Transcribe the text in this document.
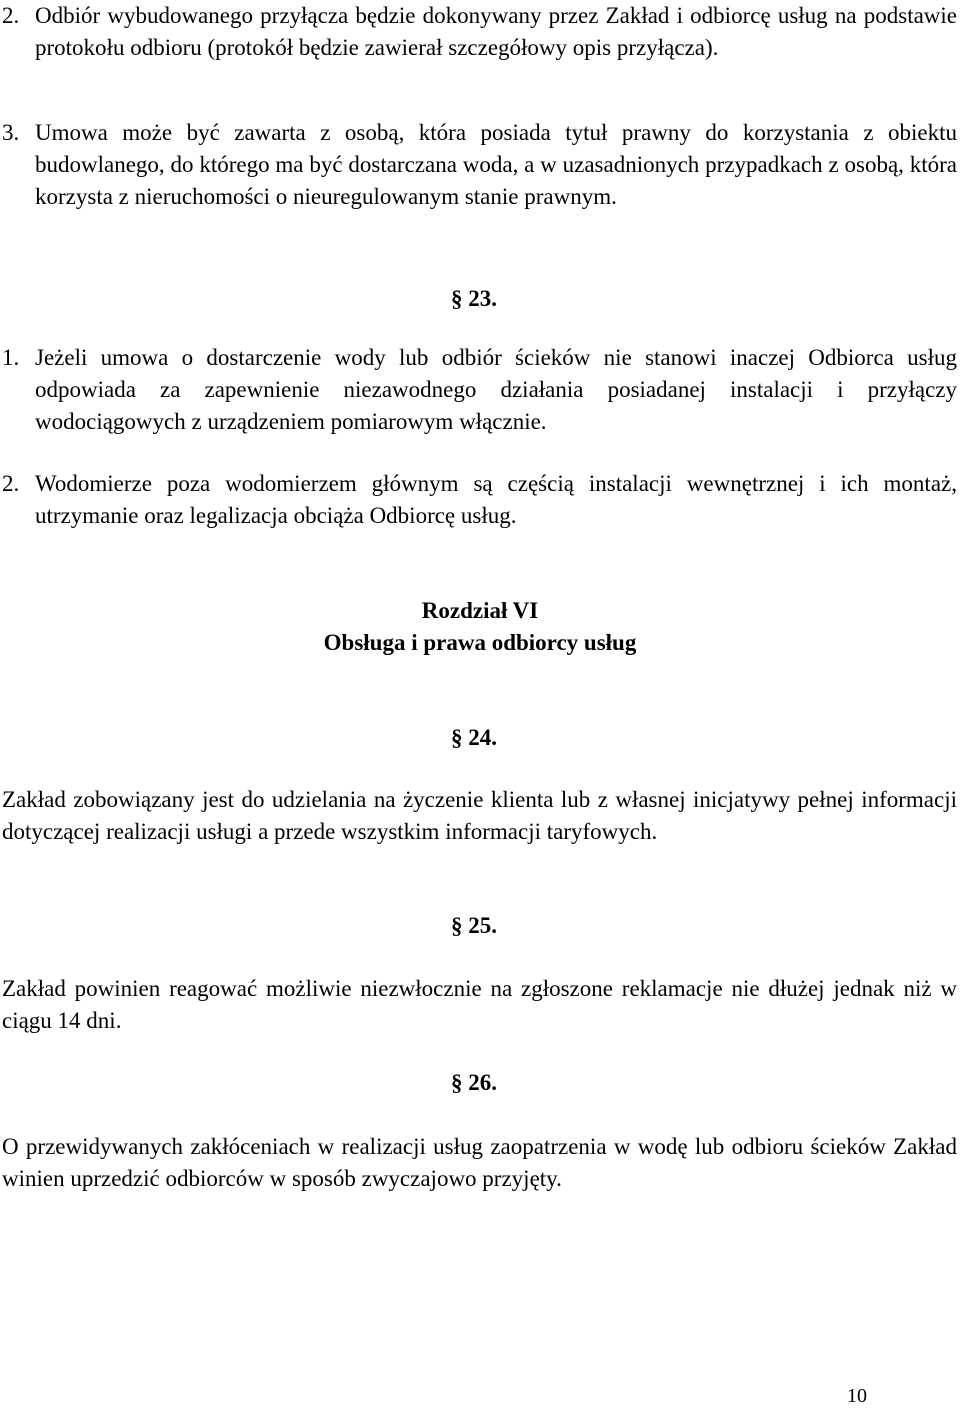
2. Odbiór wybudowanego przyłącza będzie dokonywany przez Zakład i odbiorcę usług na podstawie protokołu odbioru (protokół będzie zawierał szczegółowy opis przyłącza).
3. Umowa może być zawarta z osobą, która posiada tytuł prawny do korzystania z obiektu budowlanego, do którego ma być dostarczana woda, a w uzasadnionych przypadkach z osobą, która korzysta z nieruchomości o nieuregulowanym stanie prawnym.
§ 23.
1. Jeżeli umowa o dostarczenie wody lub odbiór ścieków nie stanowi inaczej Odbiorca usług odpowiada za zapewnienie niezawodnego działania posiadanej instalacji i przyłączy wodociągowych z urządzeniem pomiarowym włącznie.
2. Wodomierze poza wodomierzem głównym są częścią instalacji wewnętrznej i ich montaż, utrzymanie oraz legalizacja obciąża Odbiorcę usług.
Rozdział VI
Obsługa i prawa odbiorcy usług
§ 24.
Zakład zobowiązany jest do udzielania na życzenie klienta lub z własnej inicjatywy pełnej informacji dotyczącej realizacji usługi a przede wszystkim informacji taryfowych.
§ 25.
Zakład powinien reagować możliwie niezwłocznie na zgłoszone reklamacje nie dłużej jednak niż w ciągu 14 dni.
§ 26.
O przewidywanych zakłóceniach w realizacji usług zaopatrzenia w wodę lub odbioru ścieków Zakład winien uprzedzić odbiorców w sposób zwyczajowo przyjęty.
10
